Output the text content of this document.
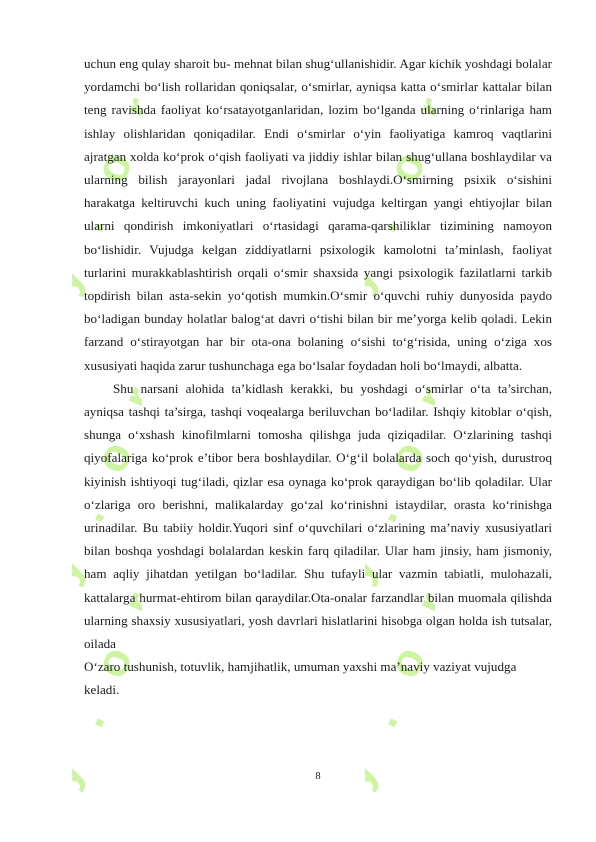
y . o r
y . o r
y . o r
y . o r
y . o r
y . o r

uchun eng qulay sharoit bu- mehnat bilan shug‘ullanishidir. Agar kichik yoshdagi bolalar yordamchi bo‘lish rollaridan qoniqsalar, o‘smirlar, ayniqsa katta o‘smirlar kattalar bilan teng ravishda faoliyat ko‘rsatayotganlaridan, lozim bo‘lganda ularning o‘rinlariga ham ishlay olishlaridan qoniqadilar. Endi o‘smirlar o‘yin faoliyatiga kamroq vaqtlarini ajratgan xolda ko‘prok o‘qish faoliyati va jiddiy ishlar bilan shug‘ullana boshlaydilar va ularning bilish jarayonlari jadal rivojlana boshlaydi.O‘smirning psixik o‘sishini harakatga keltiruvchi kuch uning faoliyatini vujudga keltirgan yangi ehtiyojlar bilan ularni qondirish imkoniyatlari o‘rtasidagi qarama-qarshiliklar tizimining namoyon bo‘lishidir. Vujudga kelgan ziddiyatlarni psixologik kamolotni ta’minlash, faoliyat turlarini murakkablashtirish orqali o‘smir shaxsida yangi psixologik fazilatlarni tarkib topdirish bilan asta-sekin yo‘qotish mumkin.O‘smir o‘quvchi ruhiy dunyosida paydo bo‘ladigan bunday holatlar balog‘at davri o‘tishi bilan bir me’yorga kelib qoladi. Lekin farzand o‘stirayotgan har bir ota-ona bolaning o‘sishi to‘g‘risida, uning o‘ziga xos xususiyati haqida zarur tushunchaga ega bo‘lsalar foydadan holi bo‘lmaydi, albatta.

Shu narsani alohida ta’kidlash kerakki, bu yoshdagi o‘smirlar o‘ta ta’sirchan, ayniqsa tashqi ta’sirga, tashqi voqealarga beriluvchan bo‘ladilar. Ishqiy kitoblar o‘qish, shunga o‘xshash kinofilmlarni tomosha qilishga juda qiziqadilar. O‘zlarining tashqi qiyofalariga ko‘prok e’tibor bera boshlaydilar. O‘g‘il bolalarda soch qo‘yish, durustroq kiyinish ishtiyoqi tug‘iladi, qizlar esa oynaga ko‘prok qaraydigan bo‘lib qoladilar. Ular o‘zlariga oro berishni, malikalarday go‘zal ko‘rinishni istaydilar, orasta ko‘rinishga urinadilar. Bu tabiiy holdir.Yuqori sinf o‘quvchilari o‘zlarining ma’naviy xususiyatlari bilan boshqa yoshdagi bolalardan keskin farq qiladilar. Ular ham jinsiy, ham jismoniy, ham aqliy jihatdan yetilgan bo‘ladilar. Shu tufayli ular vazmin tabiatli, mulohazali, kattalarga hurmat-ehtirom bilan qaraydilar.Ota-onalar farzandlar bilan muomala qilishda ularning shaxsiy xususiyatlari, yosh davrlari hislatlarini hisobga olgan holda ish tutsalar, oilada

O‘zaro tushunish, totuvlik, hamjihatlik, umuman yaxshi ma’naviy vaziyat vujudga keladi.

8
